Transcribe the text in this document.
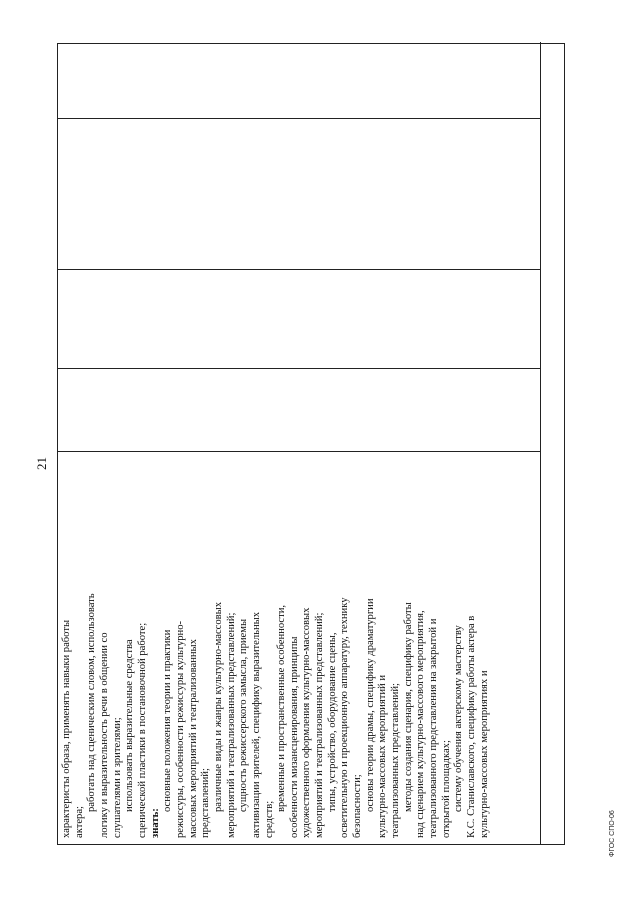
21
характеристы образа, применять навыки работы актера;
работать над сценическим словом, использовать логику и выразительность речи в общении со слушателями и зрителями; использовать выразительные средства сценической пластики в постановочной работе; знать:
основные положения теории и практики режиссуры, особенности режиссуры культурно- массовых мероприятий и театрализованных представлений; различные виды и жанры культурно-массовых мероприятий и театрализованных представлений; сущность режиссерского замысла, приемы активизации зрителей, специфику выразительных средств;
временные и пространственные особенности, особенности мизансценирования, принципы художественного оформления культурно-массовых мероприятий и театрализованных представлений; типы, устройство, оборудование сцены, осветительную и проекционную аппаратуру, технику безопасности; основы теории драмы, специфику драматургии культурно-массовых мероприятий и театрализованных представлений; методы создания сценария, специфику работы над сценарием культурно-массового мероприятия, театрализованного представления на закрытой и открытой площадках; систему обучения актерскому мастерству К.С. Станиславского, специфику работы актера в культурно-массовых мероприятиях и	ФГОС СПО-06
